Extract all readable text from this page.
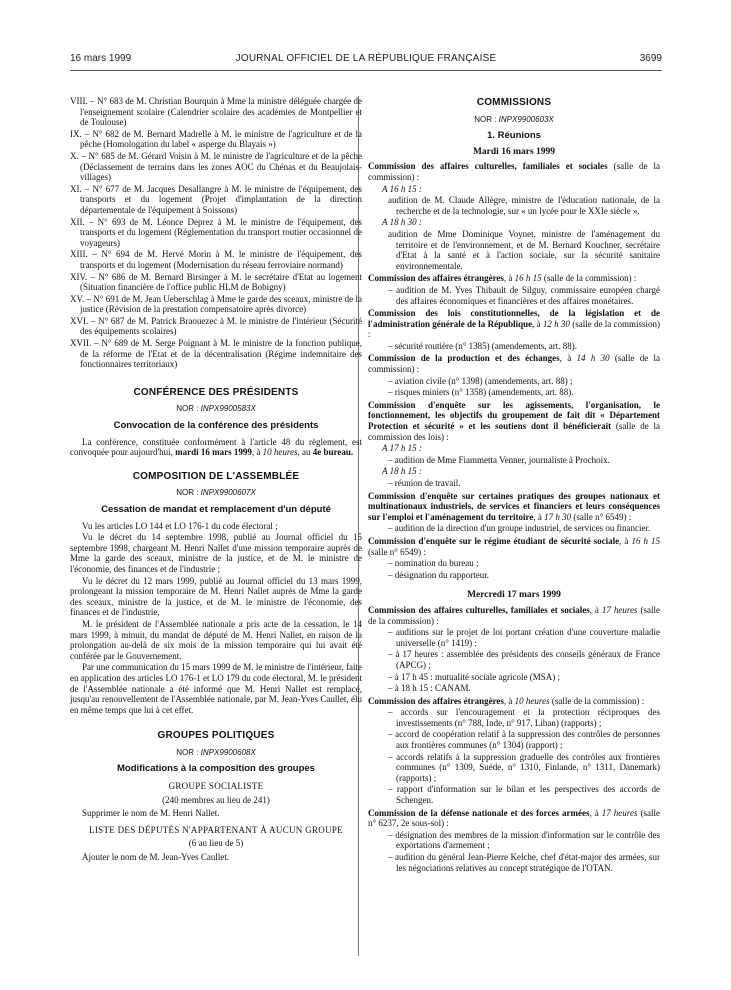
16 mars 1999	JOURNAL OFFICIEL DE LA RÉPUBLIQUE FRANÇAISE	3699

VIII. – N° 683 de M. Christian Bourquin à Mme la ministre déléguée chargée de l'enseignement scolaire (Calendrier scolaire des académies de Montpellier et de Toulouse)

IX. – N° 682 de M. Bernard Madrelle à M. le ministre de l'agriculture et de la pêche (Homologation du label « asperge du Blayais »)

X. – N° 685 de M. Gérard Voisin à M. le ministre de l'agriculture et de la pêche (Déclassement de terrains dans les zones AOC du Chénas et du Beaujolais-villages)

XI. – N° 677 de M. Jacques Desallangre à M. le ministre de l'équipement, des transports et du logement (Projet d'implantation de la direction départementale de l'équipement à Soissons)

XII. – N° 693 de M. Léonce Deprez à M. le ministre de l'équipement, des transports et du logement (Réglementation du transport routier occasionnel de voyageurs)

XIII. – N° 694 de M. Hervé Morin à M. le ministre de l'équipement, des transports et du logement (Modernisation du réseau ferroviaire normand)

XIV. – N° 686 de M. Bernard Birsinger à M. le secrétaire d'Etat au logement (Situation financière de l'office public HLM de Bobigny)

XV. – N° 691 de M. Jean Ueberschlag à Mme le garde des sceaux, ministre de la justice (Révision de la prestation compensatoire après divorce)

XVI. – N° 687 de M. Patrick Braouezec à M. le ministre de l'intérieur (Sécurité des équipements scolaires)

XVII. – N° 689 de M. Serge Poignant à M. le ministre de la fonction publique, de la réforme de l'Etat et de la décentralisation (Régime indemnitaire des fonctionnaires territoriaux)

CONFÉRENCE DES PRÉSIDENTS
NOR : INPX9900583X
Convocation de la conférence des présidents

La conférence, constituée conformément à l'article 48 du règlement, est convoquée pour aujourd'hui, mardi 16 mars 1999, à 10 heures, au 4e bureau.

COMPOSITION DE L'ASSEMBLÉE
NOR : INPX9900607X
Cessation de mandat et remplacement d'un député

Vu les articles LO 144 et LO 176-1 du code électoral ;

Vu le décret du 14 septembre 1998, publié au Journal officiel du 15 septembre 1998, chargeant M. Henri Nallet d'une mission temporaire auprès de Mme la garde des sceaux, ministre de la justice, et de M. le ministre de l'économie, des finances et de l'industrie ;

Vu le décret du 12 mars 1999, publié au Journal officiel du 13 mars 1999, prolongeant la mission temporaire de M. Henri Nallet auprès de Mme la garde des sceaux, ministre de la justice, et de M. le ministre de l'économie, des finances et de l'industrie,

M. le président de l'Assemblée nationale a pris acte de la cessation, le 14 mars 1999, à minuit, du mandat de député de M. Henri Nallet, en raison de la prolongation au-delà de six mois de la mission temporaire qui lui avait été conférée par le Gouvernement.

Par une communication du 15 mars 1999 de M. le ministre de l'intérieur, faite en application des articles LO 176-1 et LO 179 du code électoral, M. le président de l'Assemblée nationale a été informé que M. Henri Nallet est remplacé, jusqu'au renouvellement de l'Assemblée nationale, par M. Jean-Yves Caullet, élu en même temps que lui à cet effet.

GROUPES POLITIQUES
NOR : INPX9900608X
Modifications à la composition des groupes
GROUPE SOCIALISTE
(240 membres au lieu de 241)

Supprimer le nom de M. Henri Nallet.

LISTE DES DÉPUTÉS N'APPARTENANT À AUCUN GROUPE
(6 au lieu de 5)

Ajouter le nom de M. Jean-Yves Caullet.

COMMISSIONS
NOR : INPX9900603X
1. Réunions
Mardi 16 mars 1999

Commission des affaires culturelles, familiales et sociales (salle de la commission) :

A 16 h 15 :

audition de M. Claude Allègre, ministre de l'éducation nationale, de la recherche et de la technologie, sur « un lycée pour le XXIe siècle ».

A 18 h 30 :

audition de Mme Dominique Voynet, ministre de l'aménagement du territoire et de l'environnement, et de M. Bernard Kouchner, secrétaire d'Etat à la santé et à l'action sociale, sur la sécurité sanitaire environnementale.

Commission des affaires étrangères, à 16 h 15 (salle de la commission) :

– audition de M. Yves Thibault de Silguy, commissaire européen chargé des affaires économiques et financières et des affaires monétaires.

Commission des lois constitutionnelles, de la législation et de l'administration générale de la République, à 12 h 30 (salle de la commission) :

– sécurité routière (n° 1385) (amendements, art. 88).

Commission de la production et des échanges, à 14 h 30 (salle de la commission) :

– aviation civile (n° 1398) (amendements, art. 88) ;

– risques miniers (n° 1358) (amendements, art. 88).

Commission d'enquête sur les agissements, l'organisation, le fonctionnement, les objectifs du groupement de fait dit « Département Protection et sécurité » et les soutiens dont il bénéficierait (salle de la commission des lois) :

A 17 h 15 :

– audition de Mme Fiammetta Venner, journaliste à Prochoix.

A 18 h 15 :

– réunion de travail.

Commission d'enquête sur certaines pratiques des groupes nationaux et multinationaux industriels, de services et financiers et leurs conséquences sur l'emploi et l'aménagement du territoire, à 17 h 30 (salle n° 6549) :

– audition de la direction d'un groupe industriel, de services ou financier.

Commission d'enquête sur le régime étudiant de sécurité sociale, à 16 h 15 (salle n° 6549) :

– nomination du bureau ;

– désignation du rapporteur.

Mercredi 17 mars 1999

Commission des affaires culturelles, familiales et sociales, à 17 heures (salle de la commission) :

– auditions sur le projet de loi portant création d'une couverture maladie universelle (n° 1419) :

– à 17 heures : assemblée des présidents des conseils généraux de France (APCG) ;

– à 17 h 45 : mutualité sociale agricole (MSA) ;

– à 18 h 15 : CANAM.

Commission des affaires étrangères, à 10 heures (salle de la commission) :

– accords sur l'encouragement et la protection réciproques des investissements (n° 788, Inde, n° 917, Liban) (rapports) ;

– accord de coopération relatif à la suppression des contrôles de personnes aux frontières communes (n° 1304) (rapport) ;

– accords relatifs à la suppression graduelle des contrôles aux frontières communes (n° 1309, Suède, n° 1310, Finlande, n° 1311, Danemark) (rapports) ;

– rapport d'information sur le bilan et les perspectives des accords de Schengen.

Commission de la défense nationale et des forces armées, à 17 heures (salle n° 6237, 2e sous-sol) :

– désignation des membres de la mission d'information sur le contrôle des exportations d'armement ;

– audition du général Jean-Pierre Kelche, chef d'état-major des armées, sur les négociations relatives au concept stratégique de l'OTAN.
